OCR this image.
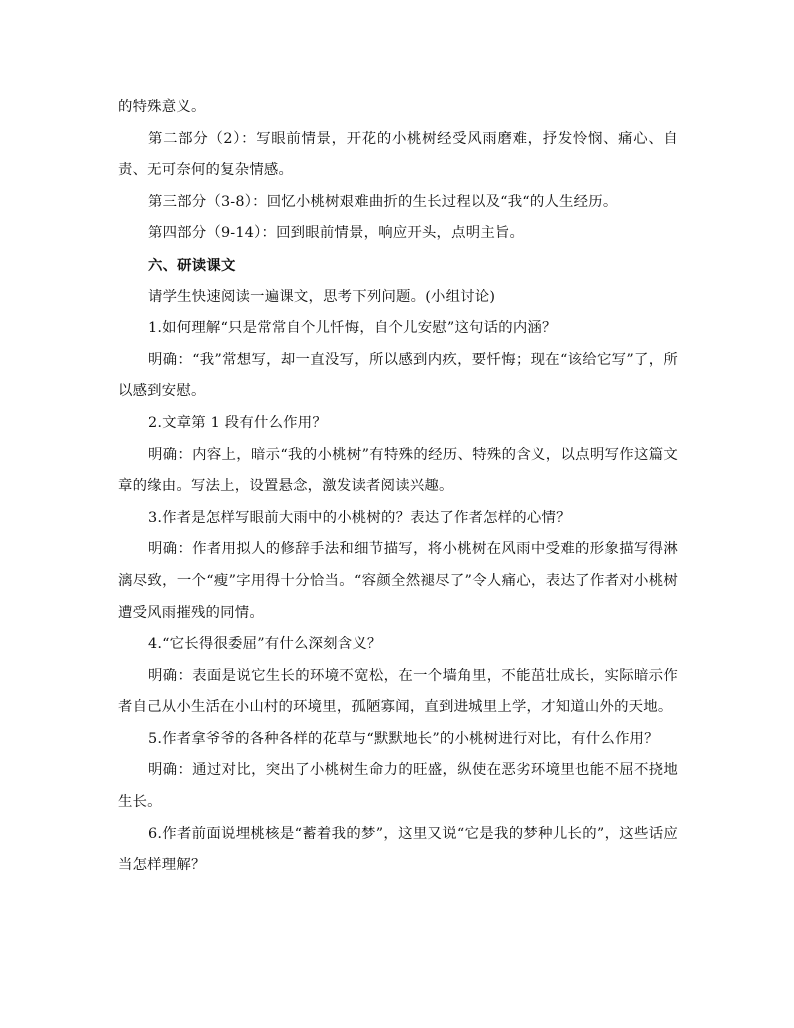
的特殊意义。

第二部分（2）：写眼前情景，开花的小桃树经受风雨磨难，抒发怜悯、痛心、自责、无可奈何的复杂情感。

第三部分（3-8）：回忆小桃树艰难曲折的生长过程以及“我“的人生经历。

第四部分（9-14）：回到眼前情景，响应开头，点明主旨。

六、研读课文

请学生快速阅读一遍课文，思考下列问题。(小组讨论)

1.如何理解“只是常常自个儿忏悔，自个儿安慰”这句话的内涵？

明确：“我”常想写，却一直没写，所以感到内疚，要忏悔；现在“该给它写”了，所以感到安慰。

2.文章第 1 段有什么作用？

明确：内容上，暗示“我的小桃树”有特殊的经历、特殊的含义，以点明写作这篇文章的缘由。写法上，设置悬念，激发读者阅读兴趣。

3.作者是怎样写眼前大雨中的小桃树的？表达了作者怎样的心情？

明确：作者用拟人的修辞手法和细节描写，将小桃树在风雨中受难的形象描写得淋漓尽致，一个“瘦”字用得十分恰当。“容颜全然褪尽了”令人痛心，表达了作者对小桃树遭受风雨摧残的同情。

4.“它长得很委屈”有什么深刻含义？

明确：表面是说它生长的环境不宽松，在一个墙角里，不能茁壮成长，实际暗示作者自己从小生活在小山村的环境里，孤陋寡闻，直到进城里上学，才知道山外的天地。

5.作者拿爷爷的各种各样的花草与“默默地长”的小桃树进行对比，有什么作用？

明确：通过对比，突出了小桃树生命力的旺盛，纵使在恶劣环境里也能不屈不挠地生长。

6.作者前面说埋桃核是“蓄着我的梦”，这里又说“它是我的梦种儿长的”，这些话应当怎样理解？
